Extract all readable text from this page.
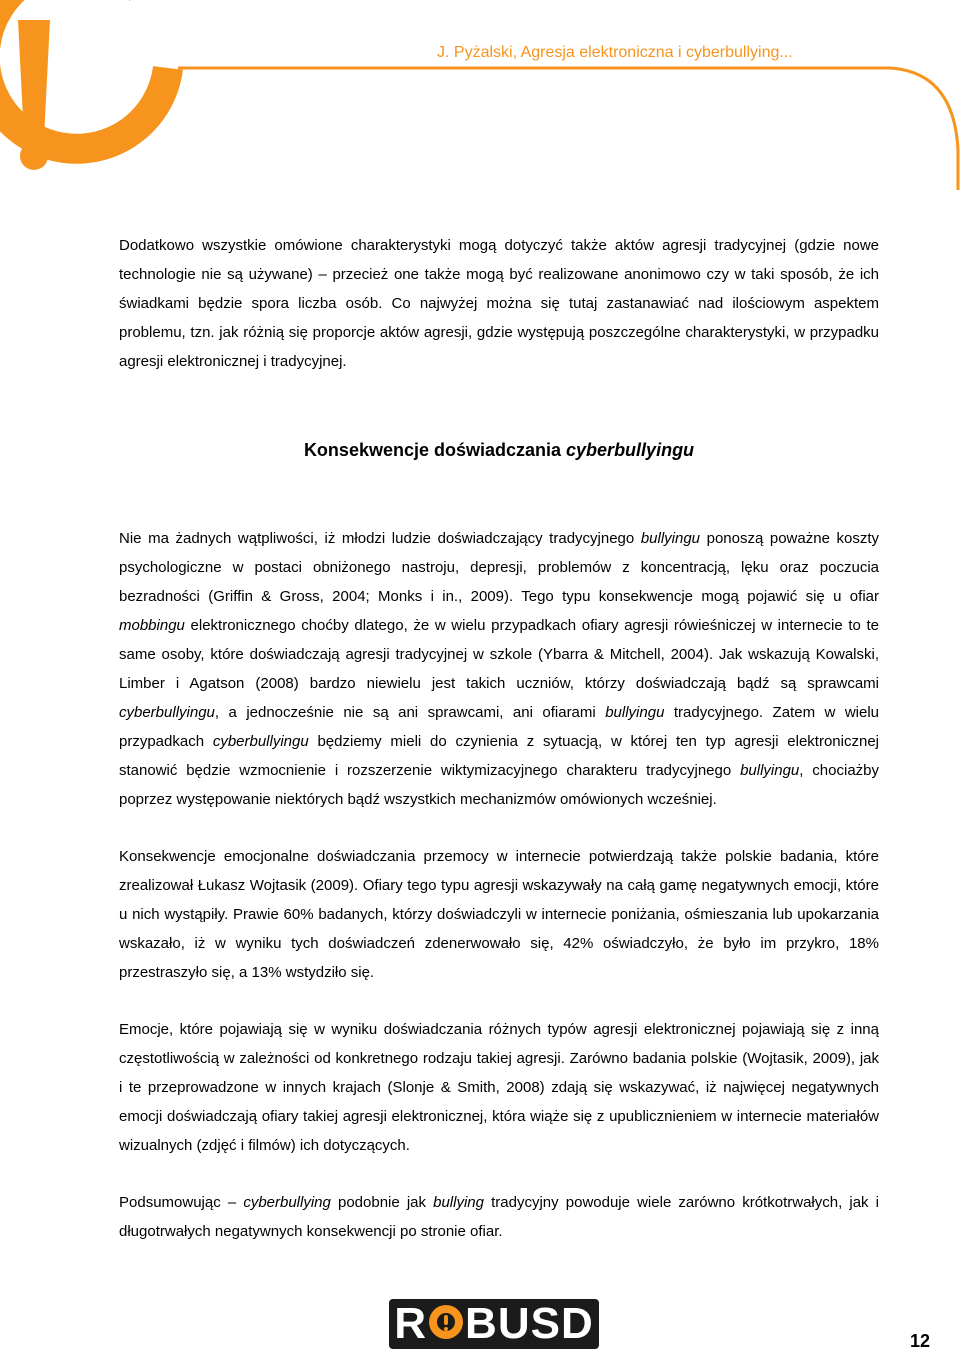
J. Pyżalski, Agresja elektroniczna i cyberbullying...

Dodatkowo wszystkie omówione charakterystyki mogą dotyczyć także aktów agresji tradycyjnej (gdzie nowe technologie nie są używane) – przecież one także mogą być realizowane anonimowo czy w taki sposób, że ich świadkami będzie spora liczba osób. Co najwyżej można się tutaj zastanawiać nad ilościowym aspektem problemu, tzn. jak różnią się proporcje aktów agresji, gdzie występują poszczególne charakterystyki, w przypadku agresji elektronicznej i tradycyjnej.

Konsekwencje doświadczania cyberbullyingu

Nie ma żadnych wątpliwości, iż młodzi ludzie doświadczający tradycyjnego bullyingu ponoszą poważne koszty psychologiczne w postaci obniżonego nastroju, depresji, problemów z koncentracją, lęku oraz poczucia bezradności (Griffin & Gross, 2004; Monks i in., 2009). Tego typu konsekwencje mogą pojawić się u ofiar mobbingu elektronicznego choćby dlatego, że w wielu przypadkach ofiary agresji rówieśniczej w internecie to te same osoby, które doświadczają agresji tradycyjnej w szkole (Ybarra & Mitchell, 2004). Jak wskazują Kowalski, Limber i Agatson (2008) bardzo niewielu jest takich uczniów, którzy doświadczają bądź są sprawcami cyberbullyingu, a jednocześnie nie są ani sprawcami, ani ofiarami bullyingu tradycyjnego. Zatem w wielu przypadkach cyberbullyingu będziemy mieli do czynienia z sytuacją, w której ten typ agresji elektronicznej stanowić będzie wzmocnienie i rozszerzenie wiktymizacyjnego charakteru tradycyjnego bullyingu, chociażby poprzez występowanie niektórych bądź wszystkich mechanizmów omówionych wcześniej.

Konsekwencje emocjonalne doświadczania przemocy w internecie potwierdzają także polskie badania, które zrealizował Łukasz Wojtasik (2009). Ofiary tego typu agresji wskazywały na całą gamę negatywnych emocji, które u nich wystąpiły. Prawie 60% badanych, którzy doświadczyli w internecie poniżania, ośmieszania lub upokarzania wskazało, iż w wyniku tych doświadczeń zdenerwowało się, 42% oświadczyło, że było im przykro, 18% przestraszyło się, a 13% wstydziło się.

Emocje, które pojawiają się w wyniku doświadczania różnych typów agresji elektronicznej pojawiają się z inną częstotliwością w zależności od konkretnego rodzaju takiej agresji. Zarówno badania polskie (Wojtasik, 2009), jak i te przeprowadzone w innych krajach (Slonje & Smith, 2008) zdają się wskazywać, iż najwięcej negatywnych emocji doświadczają ofiary takiej agresji elektronicznej, która wiąże się z upublicznieniem w internecie materiałów wizualnych (zdjęć i filmów) ich dotyczących.

Podsumowując – cyberbullying podobnie jak bullying tradycyjny powoduje wiele zarówno krótkotrwałych, jak i długotrwałych negatywnych konsekwencji po stronie ofiar.

R BUSD	12
